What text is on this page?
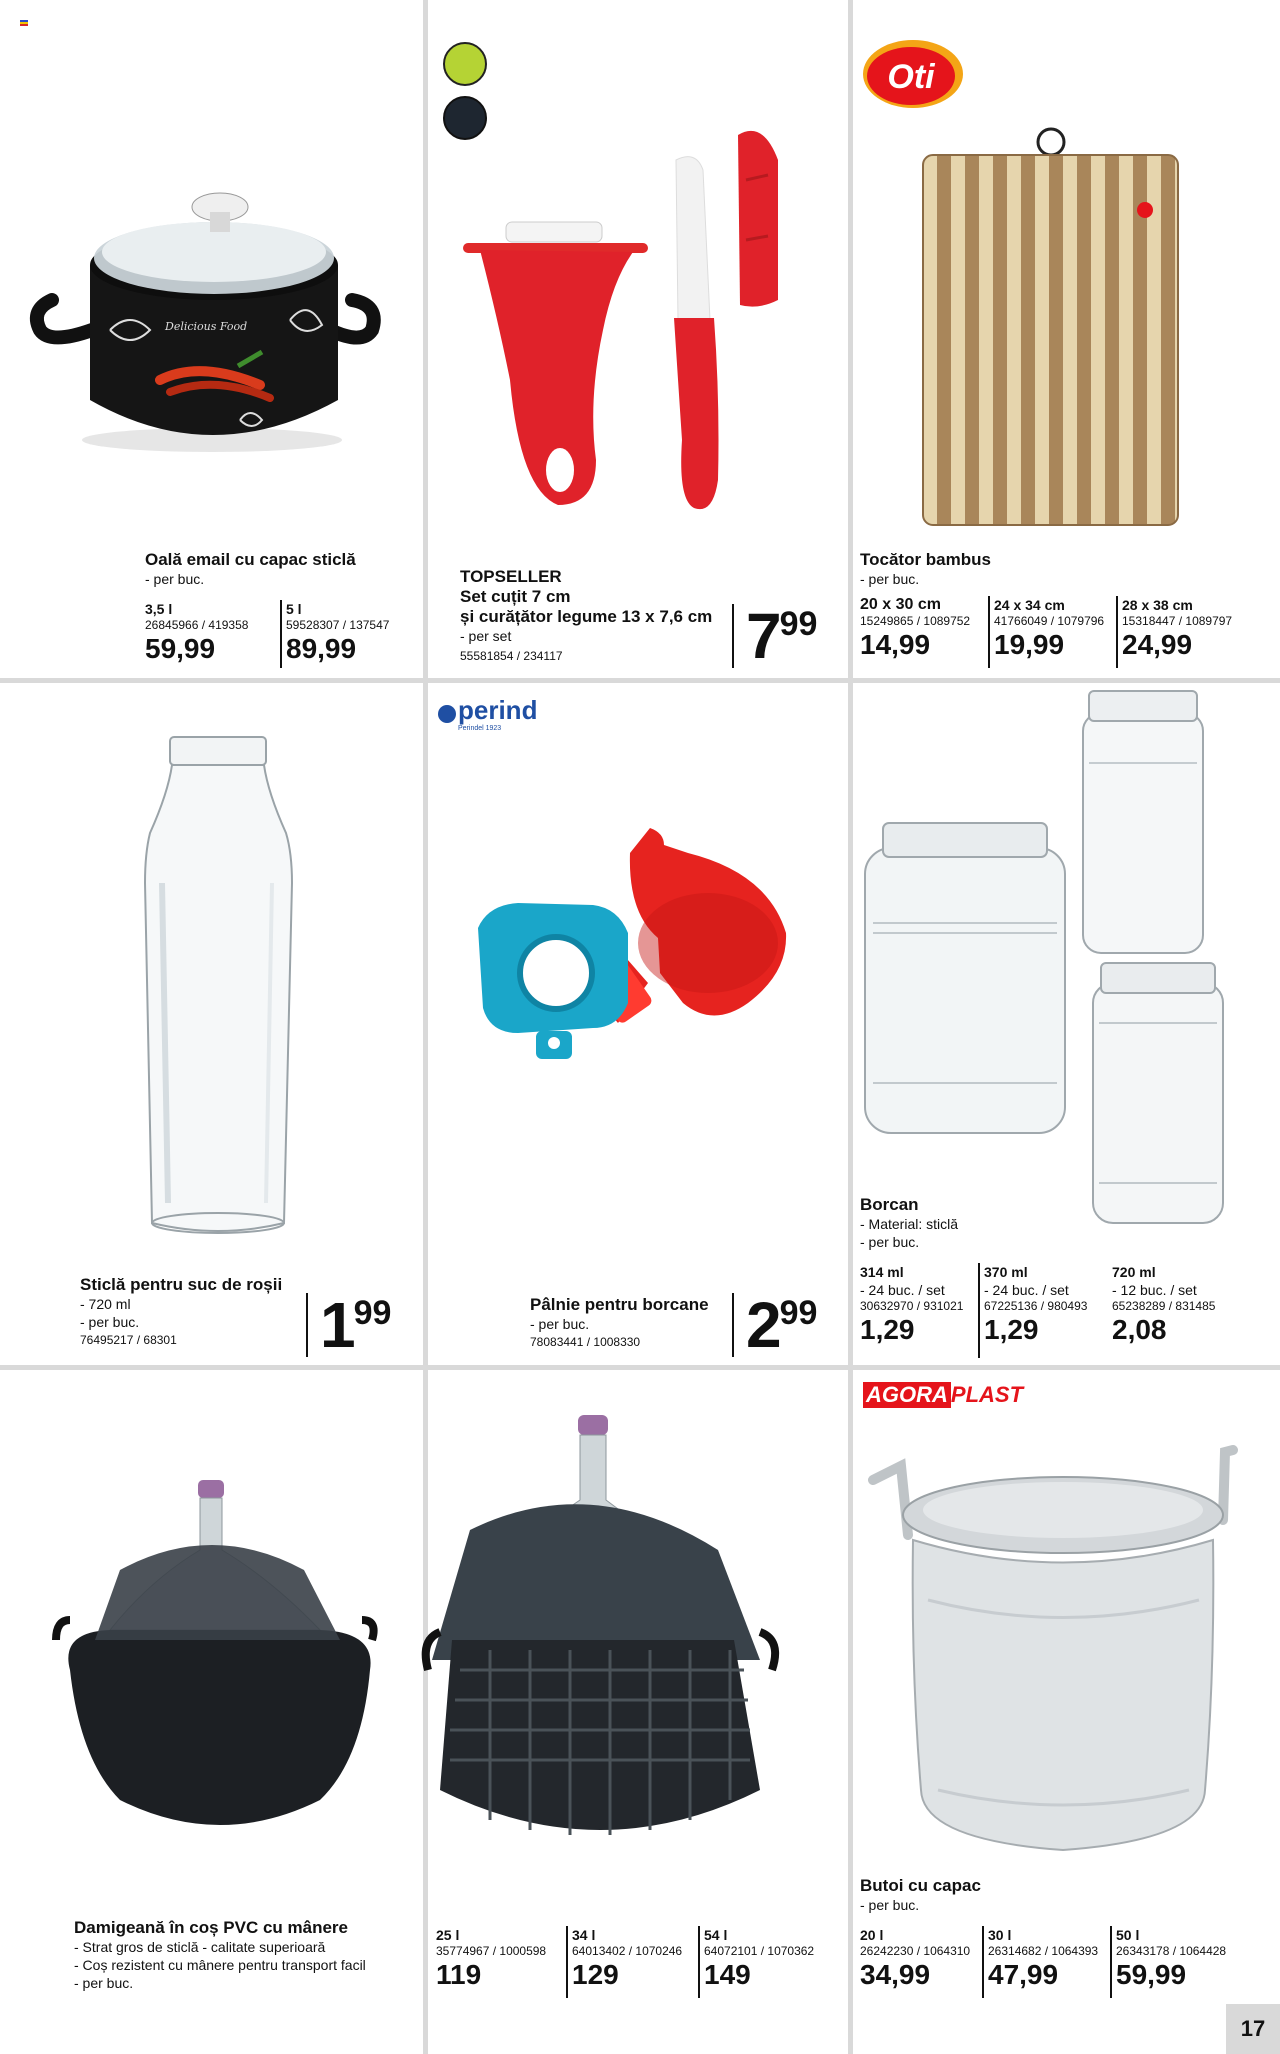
Delicious Food
Oală email cu capac sticlă
- per buc.
3,5 l
26845966 / 419358
59,99
5 l
59528307 / 137547
89,99
TOPSELLER
Set cuțit 7 cm
și curățător legume 13 x 7,6 cm
- per set
55581854 / 234117	$7^{99}$
Oti
Tocător bambus
- per buc.
20 x 30 cm
15249865 / 1089752
14,99
24 x 34 cm
41766049 / 1079796
19,99
28 x 38 cm
15318447 / 1089797
24,99
Sticlă pentru suc de roșii
- 720 ml
- per buc.
76495217 / 68301	$1^{99}$
perind
Perindel 1923
Pâlnie pentru borcane
- per buc.
78083441 / 1008330	$2^{99}$
Borcan
- Material: sticlă
- per buc.
314 ml
- 24 buc. / set
30632970 / 931021
1,29
370 ml
- 24 buc. / set
67225136 / 980493
1,29
720 ml
- 12 buc. / set
65238289 / 831485
2,08
Damigeană în coș PVC cu mânere
- Strat gros de sticlă - calitate superioară
- Coș rezistent cu mânere pentru transport facil
- per buc.
25 l
35774967 / 1000598
119
34 l
64013402 / 1070246
129
54 l
64072101 / 1070362
149
AGORA PLAST
Butoi cu capac
- per buc.
20 l
26242230 / 1064310
34,99
30 l
26314682 / 1064393
47,99
50 l
26343178 / 1064428
59,99
17
